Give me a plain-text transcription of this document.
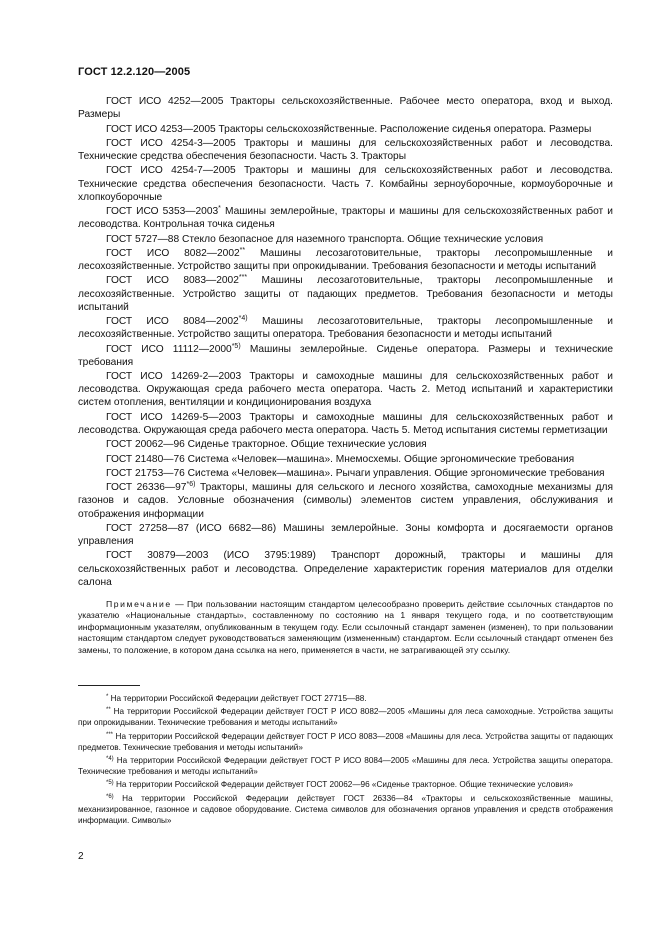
ГОСТ 12.2.120—2005

ГОСТ ИСО 4252—2005 Тракторы сельскохозяйственные. Рабочее место оператора, вход и выход. Размеры

ГОСТ ИСО 4253—2005 Тракторы сельскохозяйственные. Расположение сиденья оператора. Размеры

ГОСТ ИСО 4254-3—2005 Тракторы и машины для сельскохозяйственных работ и лесоводства. Технические средства обеспечения безопасности. Часть 3. Тракторы

ГОСТ ИСО 4254-7—2005 Тракторы и машины для сельскохозяйственных работ и лесоводства. Технические средства обеспечения безопасности. Часть 7. Комбайны зерноуборочные, кормоуборочные и хлопкоуборочные

ГОСТ ИСО 5353—2003* Машины землеройные, тракторы и машины для сельскохозяйственных работ и лесоводства. Контрольная точка сиденья

ГОСТ 5727—88 Стекло безопасное для наземного транспорта. Общие технические условия

ГОСТ ИСО 8082—2002** Машины лесозаготовительные, тракторы лесопромышленные и лесохозяйственные. Устройство защиты при опрокидывании. Требования безопасности и методы испытаний

ГОСТ ИСО 8083—2002*** Машины лесозаготовительные, тракторы лесопромышленные и лесохозяйственные. Устройство защиты от падающих предметов. Требования безопасности и методы испытаний

ГОСТ ИСО 8084—2002$^{*4)}$ Машины лесозаготовительные, тракторы лесопромышленные и лесохозяйственные. Устройство защиты оператора. Требования безопасности и методы испытаний

ГОСТ ИСО 11112—2000$^{*5)}$ Машины землеройные. Сиденье оператора. Размеры и технические требования

ГОСТ ИСО 14269-2—2003 Тракторы и самоходные машины для сельскохозяйственных работ и лесоводства. Окружающая среда рабочего места оператора. Часть 2. Метод испытаний и характеристики систем отопления, вентиляции и кондиционирования воздуха

ГОСТ ИСО 14269-5—2003 Тракторы и самоходные машины для сельскохозяйственных работ и лесоводства. Окружающая среда рабочего места оператора. Часть 5. Метод испытания системы герметизации

ГОСТ 20062—96 Сиденье тракторное. Общие технические условия

ГОСТ 21480—76 Система «Человек—машина». Мнемосхемы. Общие эргономические требования

ГОСТ 21753—76 Система «Человек—машина». Рычаги управления. Общие эргономические требования

ГОСТ 26336—97$^{*6)}$ Тракторы, машины для сельского и лесного хозяйства, самоходные механизмы для газонов и садов. Условные обозначения (символы) элементов систем управления, обслуживания и отображения информации

ГОСТ 27258—87 (ИСО 6682—86) Машины землеройные. Зоны комфорта и досягаемости органов управления

ГОСТ 30879—2003 (ИСО 3795:1989) Транспорт дорожный, тракторы и машины для сельскохозяйственных работ и лесоводства. Определение характеристик горения материалов для отделки салона

Примечание — При пользовании настоящим стандартом целесообразно проверить действие ссылочных стандартов по указателю «Национальные стандарты», составленному по состоянию на 1 января текущего года, и по соответствующим информационным указателям, опубликованным в текущем году. Если ссылочный стандарт заменен (изменен), то при пользовании настоящим стандартом следует руководствоваться заменяющим (измененным) стандартом. Если ссылочный стандарт отменен без замены, то положение, в котором дана ссылка на него, применяется в части, не затрагивающей эту ссылку.

* На территории Российской Федерации действует ГОСТ 27715—88.

** На территории Российской Федерации действует ГОСТ Р ИСО 8082—2005 «Машины для леса самоходные. Устройства защиты при опрокидывании. Технические требования и методы испытаний»

*** На территории Российской Федерации действует ГОСТ Р ИСО 8083—2008 «Машины для леса. Устройства защиты от падающих предметов. Технические требования и методы испытаний»

$^{*4)}$ На территории Российской Федерации действует ГОСТ Р ИСО 8084—2005 «Машины для леса. Устройства защиты оператора. Технические требования и методы испытаний»

$^{*5)}$ На территории Российской Федерации действует ГОСТ 20062—96 «Сиденье тракторное. Общие технические условия»

$^{*6)}$ На территории Российской Федерации действует ГОСТ 26336—84 «Тракторы и сельскохозяйственные машины, механизированное, газонное и садовое оборудование. Система символов для обозначения органов управления и средств отображения информации. Символы»

2
